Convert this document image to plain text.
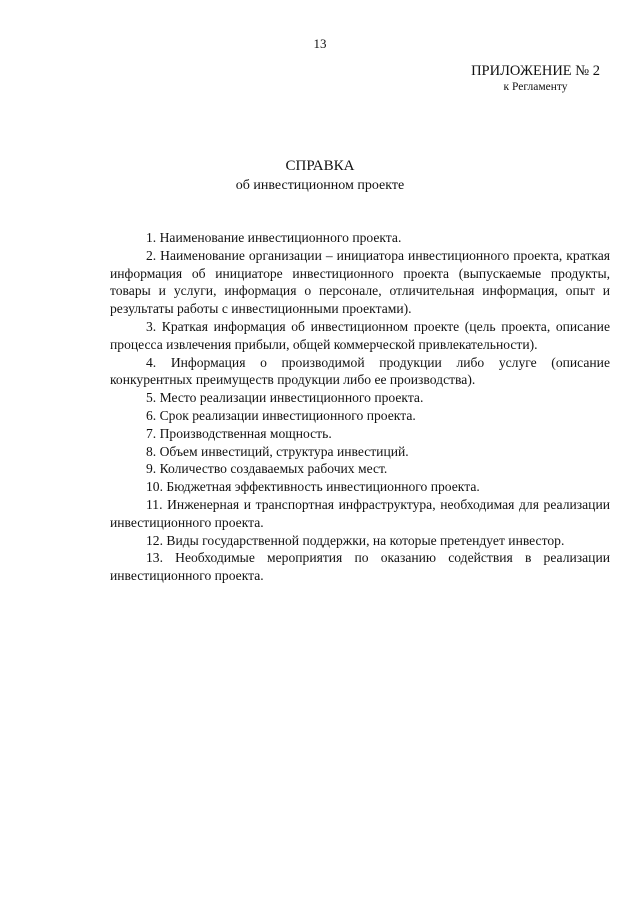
13
ПРИЛОЖЕНИЕ № 2
к Регламенту
СПРАВКА
об инвестиционном проекте

1. Наименование инвестиционного проекта.

2. Наименование организации – инициатора инвестиционного проекта, краткая информация об инициаторе инвестиционного проекта (выпускаемые продукты, товары и услуги, информация о персонале, отличительная информация, опыт и результаты работы с инвестиционными проектами).

3. Краткая информация об инвестиционном проекте (цель проекта, описание процесса извлечения прибыли, общей коммерческой привлекательности).

4. Информация о производимой продукции либо услуге (описание конкурентных преимуществ продукции либо ее производства).

5. Место реализации инвестиционного проекта.

6. Срок реализации инвестиционного проекта.

7. Производственная мощность.

8. Объем инвестиций, структура инвестиций.

9. Количество создаваемых рабочих мест.

10. Бюджетная эффективность инвестиционного проекта.

11. Инженерная и транспортная инфраструктура, необходимая для реализации инвестиционного проекта.

12. Виды государственной поддержки, на которые претендует инвестор.

13. Необходимые мероприятия по оказанию содействия в реализации инвестиционного проекта.
